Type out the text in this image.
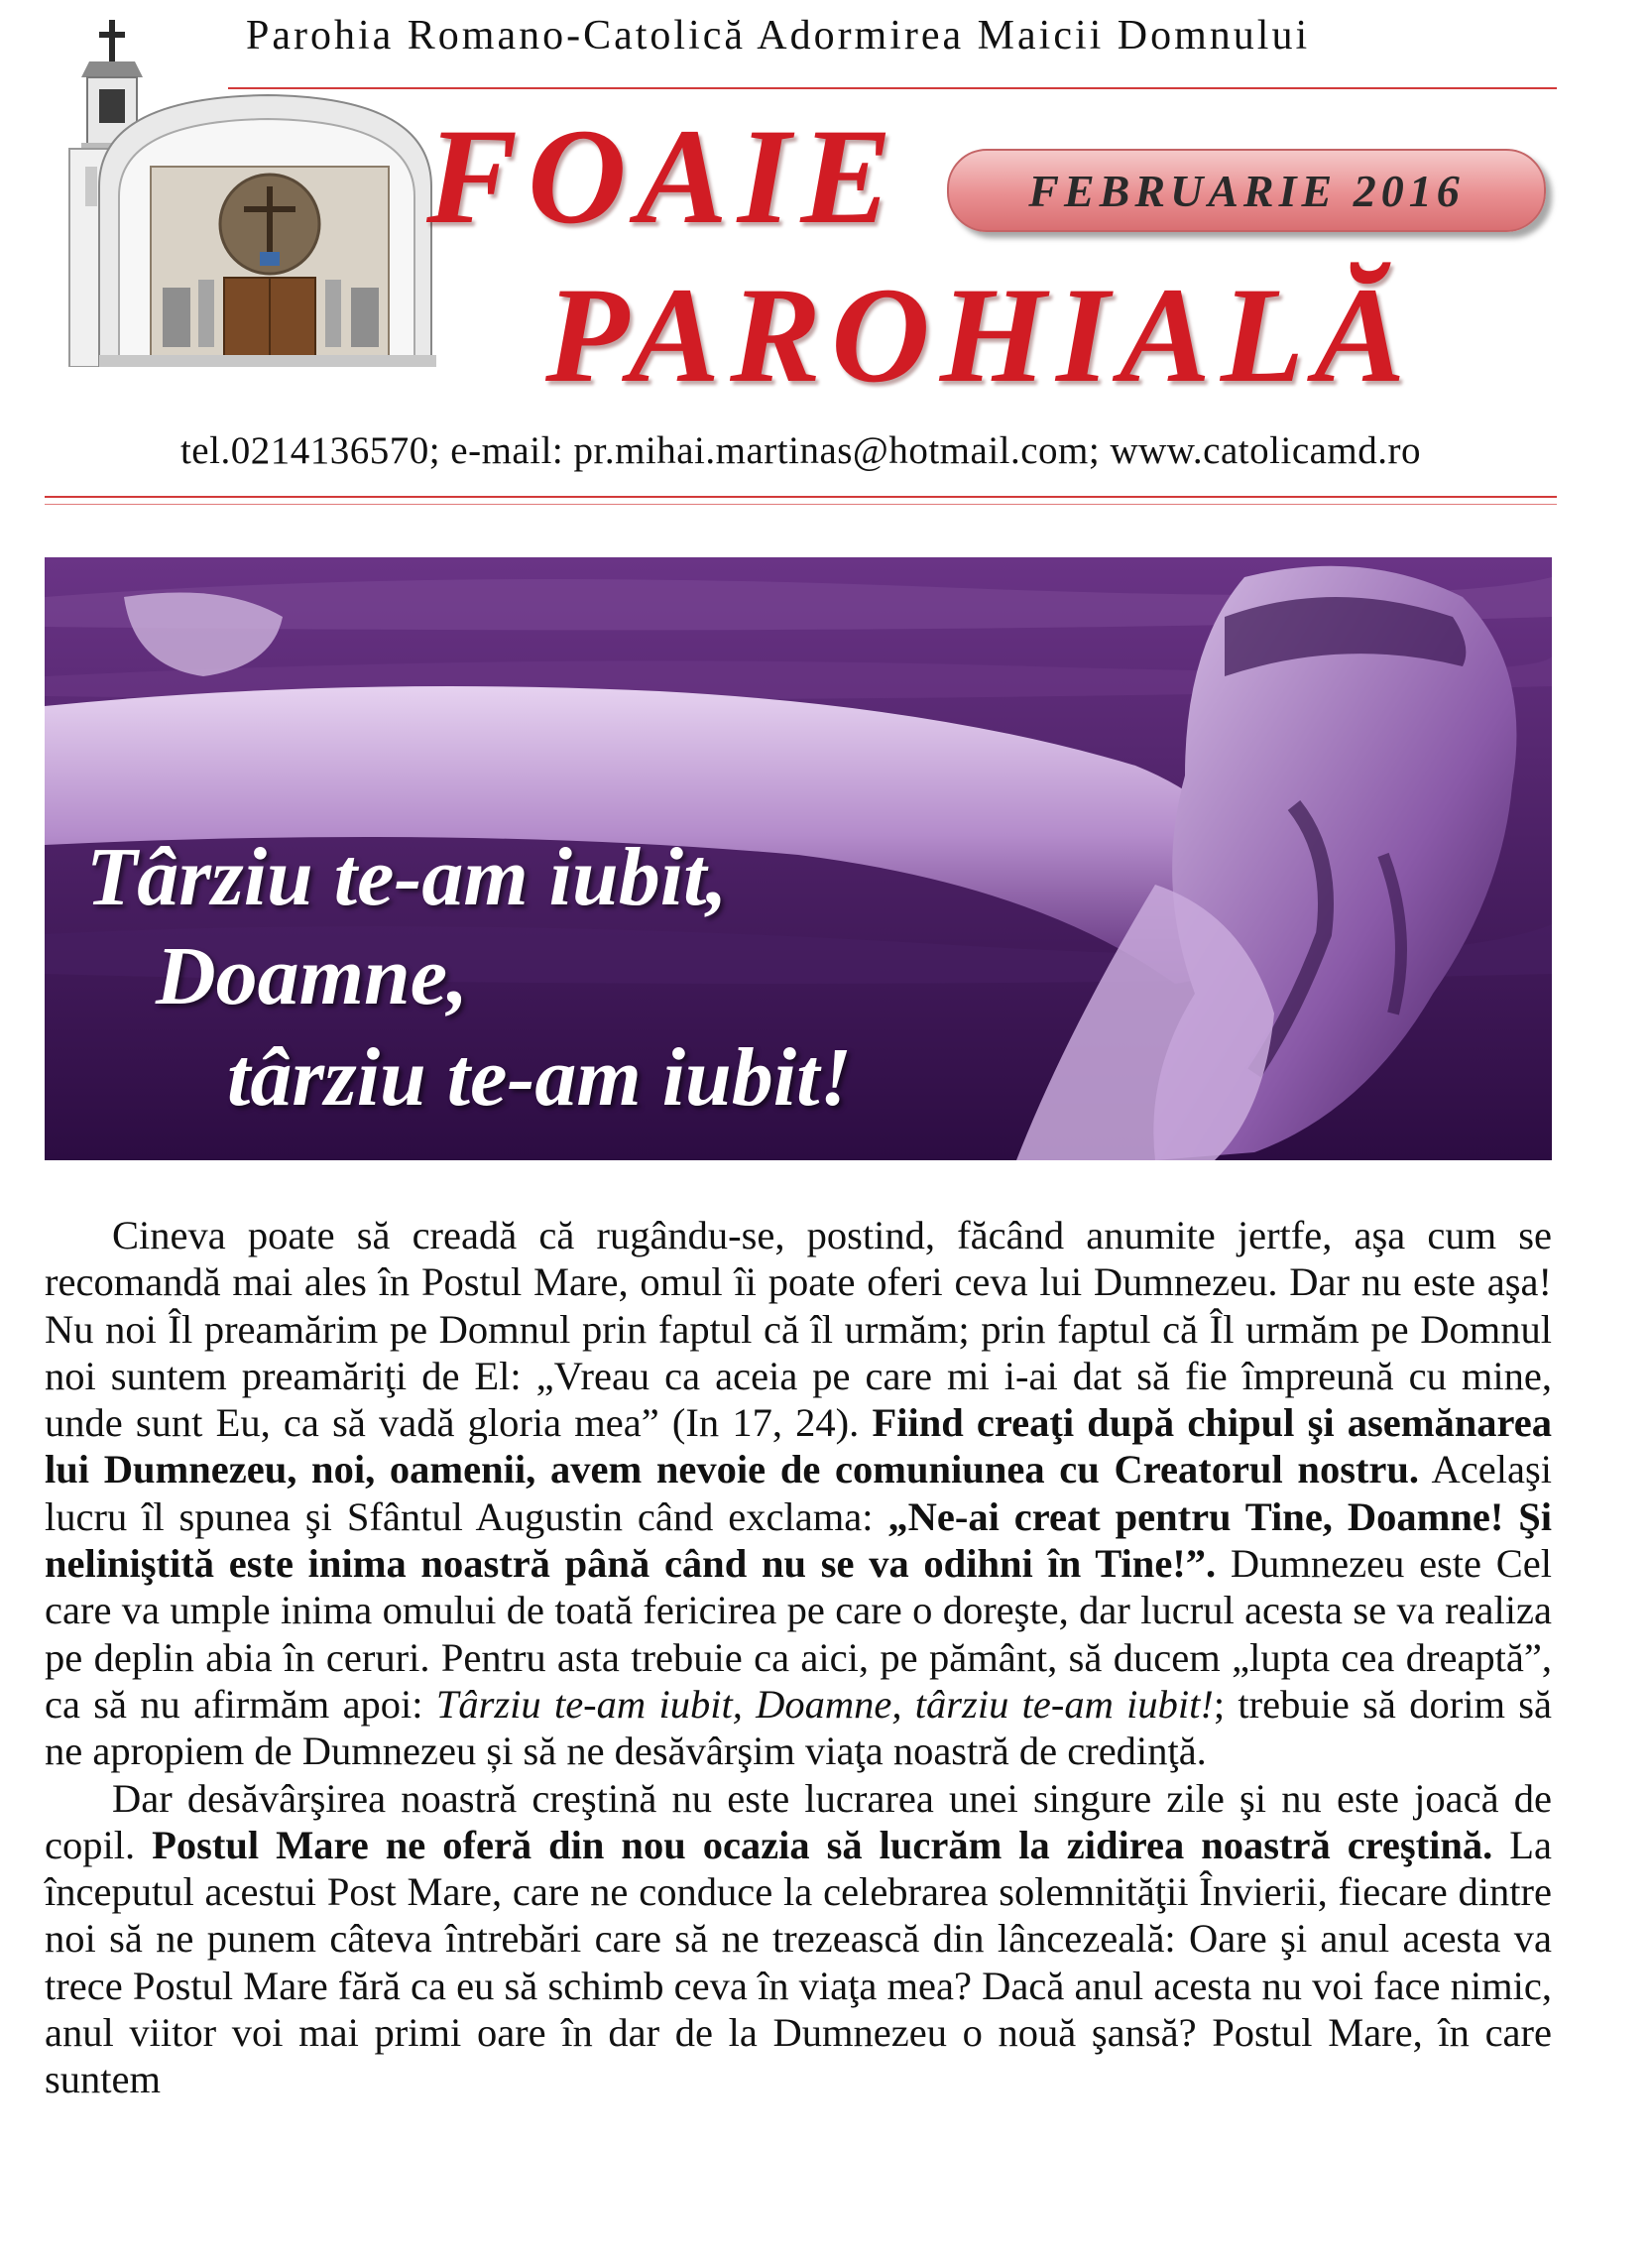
Parohia Romano-Catolică Adormirea Maicii Domnului
FOAIE
PAROHIALĂ
FEBRUARIE 2016
tel.0214136570; e-mail: pr.mihai.martinas@hotmail.com; www.catolicamd.ro
Târziu te-am iubit,
Doamne,
târziu te-am iubit!

Cineva poate să creadă că rugându-se, postind, făcând anumite jertfe, aşa cum se recomandă mai ales în Postul Mare, omul îi poate oferi ceva lui Dumnezeu. Dar nu este aşa! Nu noi Îl preamărim pe Domnul prin faptul că îl urmăm; prin faptul că Îl urmăm pe Domnul noi suntem preamăriţi de El: „Vreau ca aceia pe care mi i-ai dat să fie împreună cu mine, unde sunt Eu, ca să vadă gloria mea” (In 17, 24). Fiind creaţi după chipul şi asemănarea lui Dumnezeu, noi, oamenii, avem nevoie de comuniunea cu Creatorul nostru. Acelaşi lucru îl spunea şi Sfântul Augustin când exclama: „Ne-ai creat pentru Tine, Doamne! Şi neliniştită este inima noastră până când nu se va odihni în Tine!”. Dumnezeu este Cel care va umple inima omului de toată fericirea pe care o doreşte, dar lucrul acesta se va realiza pe deplin abia în ceruri. Pentru asta trebuie ca aici, pe pământ, să ducem „lupta cea dreaptă”, ca să nu afirmăm apoi: Târziu te-am iubit, Doamne, târziu te-am iubit!; trebuie să dorim să ne apropiem de Dumnezeu și să ne desăvârşim viaţa noastră de credinţă.

Dar desăvârşirea noastră creştină nu este lucrarea unei singure zile şi nu este joacă de copil. Postul Mare ne oferă din nou ocazia să lucrăm la zidirea noastră creştină. La începutul acestui Post Mare, care ne conduce la celebrarea solemnităţii Învierii, fiecare dintre noi să ne punem câteva întrebări care să ne trezească din lâncezeală: Oare şi anul acesta va trece Postul Mare fără ca eu să schimb ceva în viaţa mea? Dacă anul acesta nu voi face nimic, anul viitor voi mai primi oare în dar de la Dumnezeu o nouă şansă? Postul Mare, în care suntem
